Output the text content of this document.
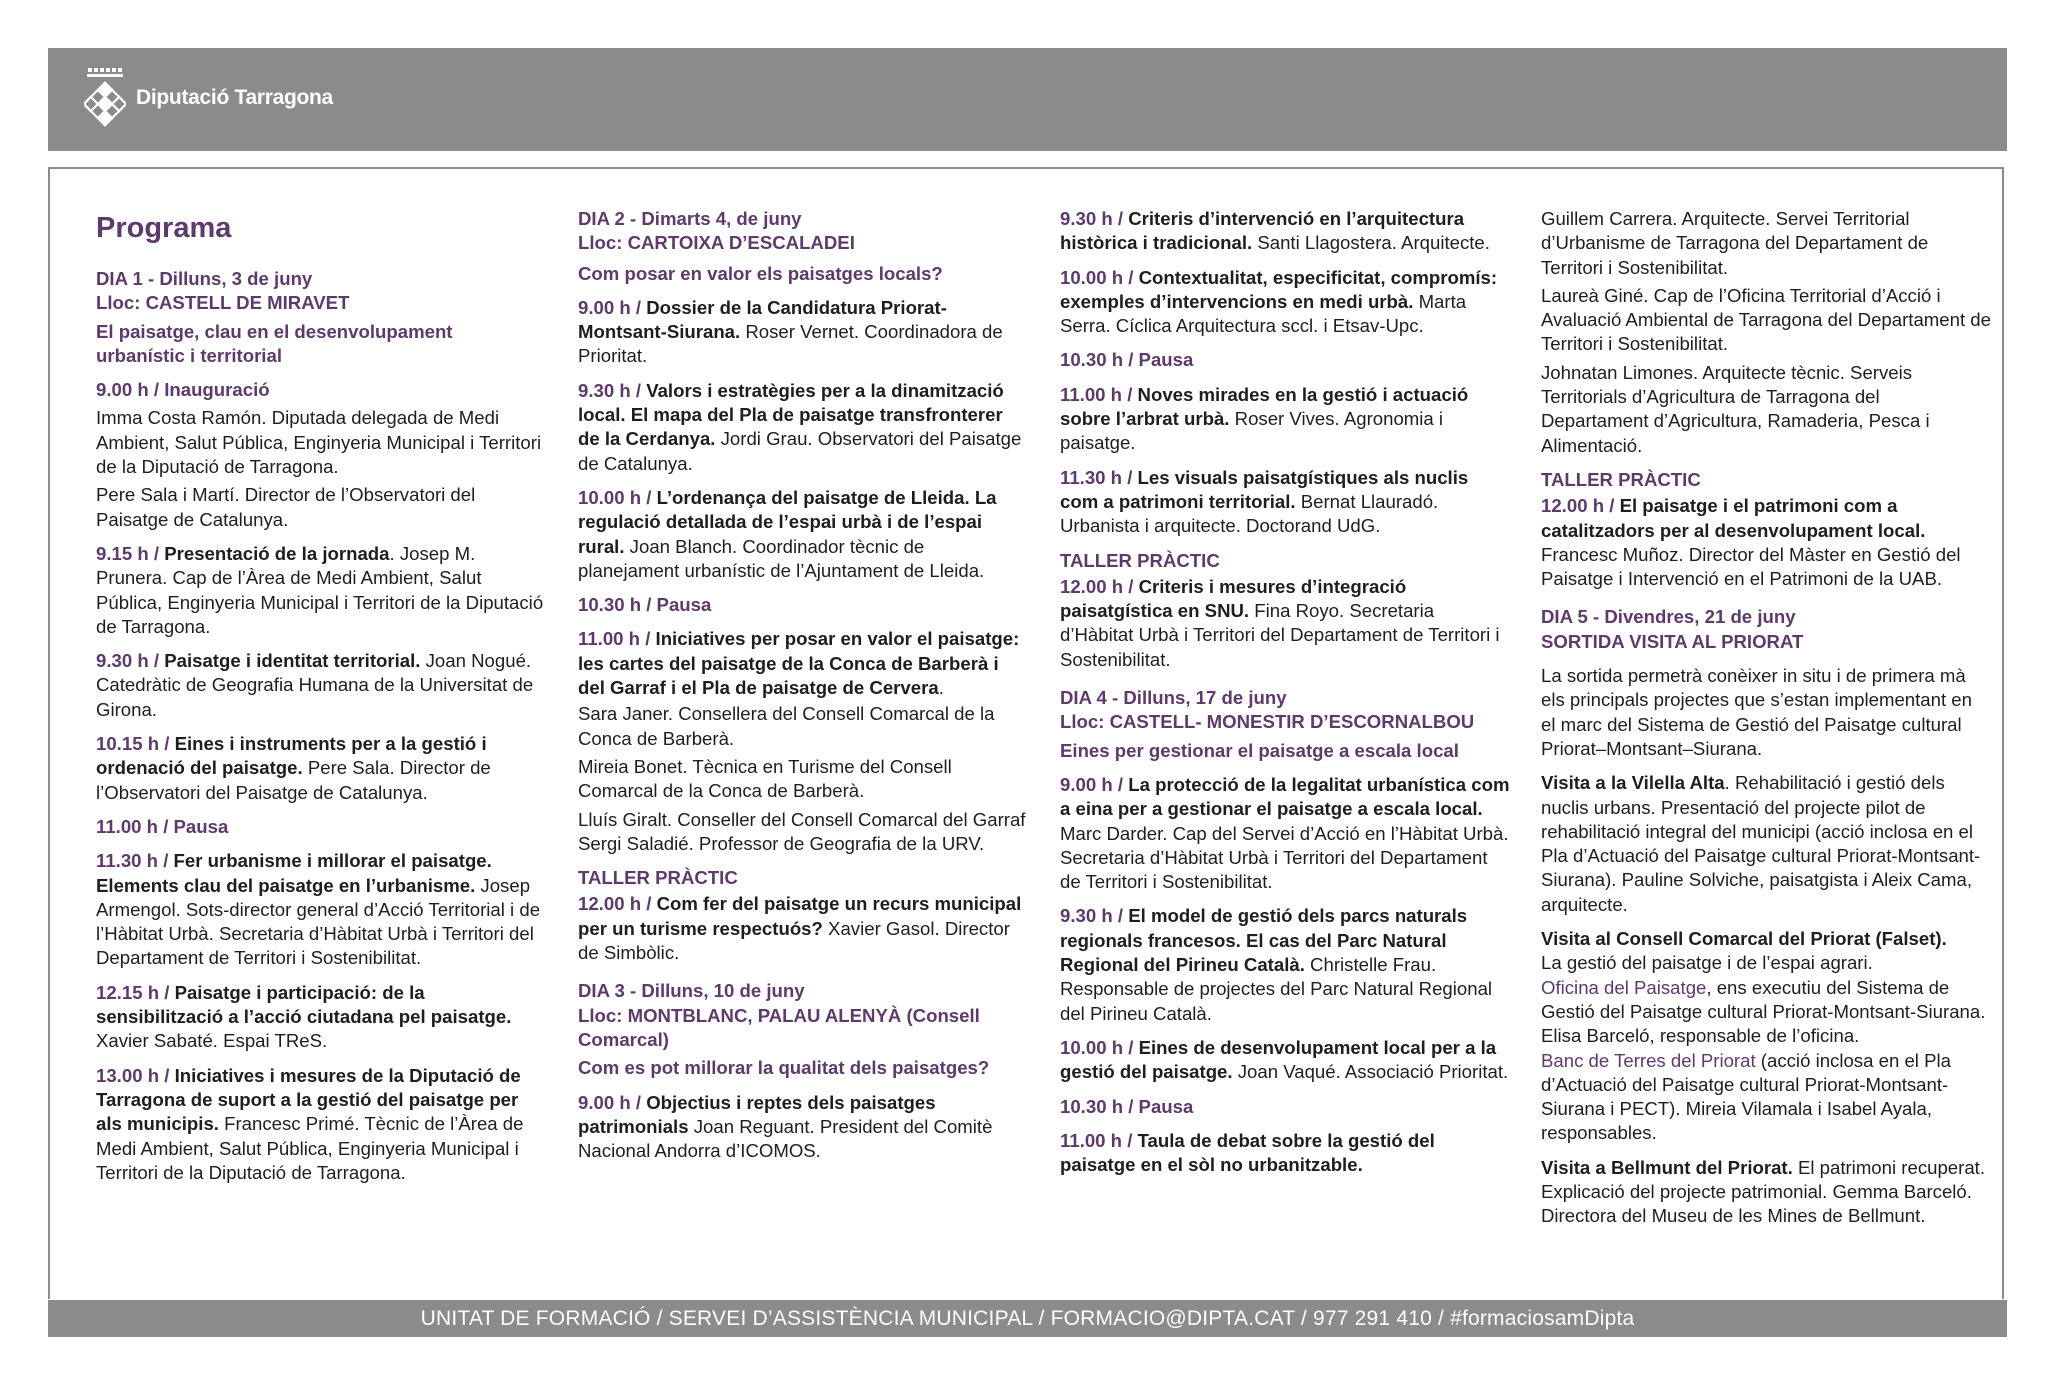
Diputació Tarragona
Programa
DIA 1 - Dilluns, 3 de juny
Lloc: CASTELL DE MIRAVET
El paisatge, clau en el desenvolupament urbanístic i territorial
9.00 h / Inauguració
Imma Costa Ramón. Diputada delegada de Medi Ambient, Salut Pública, Enginyeria Municipal i Territori de la Diputació de Tarragona.
Pere Sala i Martí. Director de l’Observatori del Paisatge de Catalunya.
9.15 h / Presentació de la jornada. Josep M. Prunera. Cap de l’Àrea de Medi Ambient, Salut Pública, Enginyeria Municipal i Territori de la Diputació de Tarragona.
9.30 h / Paisatge i identitat territorial. Joan Nogué. Catedràtic de Geografia Humana de la Universitat de Girona.
10.15 h / Eines i instruments per a la gestió i ordenació del paisatge. Pere Sala. Director de l’Observatori del Paisatge de Catalunya.
11.00 h / Pausa
11.30 h / Fer urbanisme i millorar el paisatge. Elements clau del paisatge en l’urbanisme. Josep Armengol. Sots-director general d’Acció Territorial i de l’Hàbitat Urbà. Secretaria d’Hàbitat Urbà i Territori del Departament de Territori i Sostenibilitat.
12.15 h / Paisatge i participació: de la sensibilització a l’acció ciutadana pel paisatge. Xavier Sabaté. Espai TReS.
13.00 h / Iniciatives i mesures de la Diputació de Tarragona de suport a la gestió del paisatge per als municipis. Francesc Primé. Tècnic de l’Àrea de Medi Ambient, Salut Pública, Enginyeria Municipal i Territori de la Diputació de Tarragona.
DIA 2 - Dimarts 4, de juny
Lloc: CARTOIXA D’ESCALADEI
Com posar en valor els paisatges locals?
9.00 h / Dossier de la Candidatura Priorat-Montsant-Siurana. Roser Vernet. Coordinadora de Prioritat.
9.30 h / Valors i estratègies per a la dinamització local. El mapa del Pla de paisatge transfronterer de la Cerdanya. Jordi Grau. Observatori del Paisatge de Catalunya.
10.00 h / L’ordenança del paisatge de Lleida. La regulació detallada de l’espai urbà i de l’espai rural. Joan Blanch. Coordinador tècnic de planejament urbanístic de l’Ajuntament de Lleida.
10.30 h / Pausa
11.00 h / Iniciatives per posar en valor el paisatge: les cartes del paisatge de la Conca de Barberà i del Garraf i el Pla de paisatge de Cervera.
Sara Janer. Consellera del Consell Comarcal de la Conca de Barberà.
Mireia Bonet. Tècnica en Turisme del Consell Comarcal de la Conca de Barberà.
Lluís Giralt. Conseller del Consell Comarcal del Garraf
Sergi Saladié. Professor de Geografia de la URV.
TALLER PRÀCTIC
12.00 h / Com fer del paisatge un recurs municipal per un turisme respectuós? Xavier Gasol. Director de Simbòlic.
DIA 3 - Dilluns, 10 de juny
Lloc: MONTBLANC, PALAU ALENYÀ (Consell Comarcal)
Com es pot millorar la qualitat dels paisatges?
9.00 h / Objectius i reptes dels paisatges patrimonials Joan Reguant. President del Comitè Nacional Andorra d’ICOMOS.
9.30 h / Criteris d’intervenció en l’arquitectura històrica i tradicional. Santi Llagostera. Arquitecte.
10.00 h / Contextualitat, especificitat, compromís: exemples d’intervencions en medi urbà. Marta Serra. Cíclica Arquitectura sccl. i Etsav-Upc.
10.30 h / Pausa
11.00 h / Noves mirades en la gestió i actuació sobre l’arbrat urbà. Roser Vives. Agronomia i paisatge.
11.30 h / Les visuals paisatgístiques als nuclis com a patrimoni territorial. Bernat Llauradó. Urbanista i arquitecte. Doctorand UdG.
TALLER PRÀCTIC
12.00 h / Criteris i mesures d’integració paisatgística en SNU. Fina Royo. Secretaria d’Hàbitat Urbà i Territori del Departament de Territori i Sostenibilitat.
DIA 4 - Dilluns, 17 de juny
Lloc: CASTELL- MONESTIR D’ESCORNALBOU
Eines per gestionar el paisatge a escala local
9.00 h / La protecció de la legalitat urbanística com a eina per a gestionar el paisatge a escala local. Marc Darder. Cap del Servei d’Acció en l’Hàbitat Urbà. Secretaria d’Hàbitat Urbà i Territori del Departament de Territori i Sostenibilitat.
9.30 h / El model de gestió dels parcs naturals regionals francesos. El cas del Parc Natural Regional del Pirineu Català. Christelle Frau. Responsable de projectes del Parc Natural Regional del Pirineu Català.
10.00 h / Eines de desenvolupament local per a la gestió del paisatge. Joan Vaqué. Associació Prioritat.
10.30 h / Pausa
11.00 h / Taula de debat sobre la gestió del paisatge en el sòl no urbanitzable.
Guillem Carrera. Arquitecte. Servei Territorial d’Urbanisme de Tarragona del Departament de Territori i Sostenibilitat.
Laureà Giné. Cap de l’Oficina Territorial d’Acció i Avaluació Ambiental de Tarragona del Departament de Territori i Sostenibilitat.
Johnatan Limones. Arquitecte tècnic. Serveis Territorials d’Agricultura de Tarragona del Departament d’Agricultura, Ramaderia, Pesca i Alimentació.
TALLER PRÀCTIC
12.00 h / El paisatge i el patrimoni com a catalitzadors per al desenvolupament local. Francesc Muñoz. Director del Màster en Gestió del Paisatge i Intervenció en el Patrimoni de la UAB.
DIA 5 - Divendres, 21 de juny
SORTIDA VISITA AL PRIORAT
La sortida permetrà conèixer in situ i de primera mà els principals projectes que s’estan implementant en el marc del Sistema de Gestió del Paisatge cultural Priorat–Montsant–Siurana.
Visita a la Vilella Alta. Rehabilitació i gestió dels nuclis urbans. Presentació del projecte pilot de rehabilitació integral del municipi (acció inclosa en el Pla d’Actuació del Paisatge cultural Priorat-Montsant-Siurana). Pauline Solviche, paisatgista i Aleix Cama, arquitecte.
Visita al Consell Comarcal del Priorat (Falset).
La gestió del paisatge i de l’espai agrari.
Oficina del Paisatge, ens executiu del Sistema de Gestió del Paisatge cultural Priorat-Montsant-Siurana. Elisa Barceló, responsable de l’oficina.
Banc de Terres del Priorat (acció inclosa en el Pla d’Actuació del Paisatge cultural Priorat-Montsant-Siurana i PECT). Mireia Vilamala i Isabel Ayala, responsables.
Visita a Bellmunt del Priorat. El patrimoni recuperat. Explicació del projecte patrimonial. Gemma Barceló. Directora del Museu de les Mines de Bellmunt.
UNITAT DE FORMACIÓ / SERVEI D’ASSISTÈNCIA MUNICIPAL / FORMACIO@DIPTA.CAT / 977 291 410 / #formaciosamDipta
